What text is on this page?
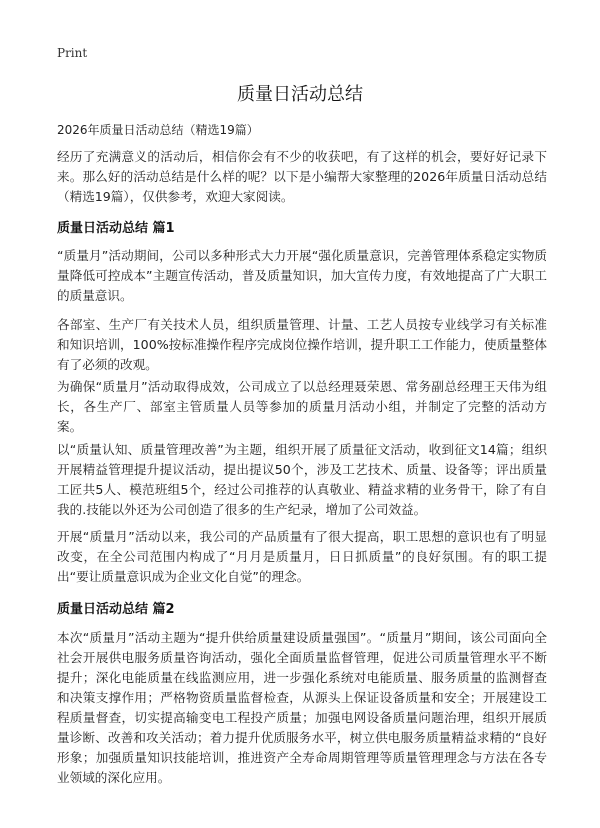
Print
质量日活动总结
2026年质量日活动总结（精选19篇）

经历了充满意义的活动后，相信你会有不少的收获吧，有了这样的机会，要好好记录下来。那么好的活动总结是什么样的呢？以下是小编帮大家整理的2026年质量日活动总结（精选19篇），仅供参考，欢迎大家阅读。

质量日活动总结 篇1

“质量月”活动期间，公司以多种形式大力开展“强化质量意识，完善管理体系稳定实物质量降低可控成本”主题宣传活动，普及质量知识，加大宣传力度，有效地提高了广大职工的质量意识。

各部室、生产厂有关技术人员，组织质量管理、计量、工艺人员按专业线学习有关标准和知识培训，100%按标准操作程序完成岗位操作培训，提升职工工作能力，使质量整体有了必须的改观。

为确保“质量月”活动取得成效，公司成立了以总经理聂荣恩、常务副总经理王天伟为组长，各生产厂、部室主管质量人员等参加的质量月活动小组，并制定了完整的活动方案。

以“质量认知、质量管理改善”为主题，组织开展了质量征文活动，收到征文14篇；组织开展精益管理提升提议活动，提出提议50个，涉及工艺技术、质量、设备等；评出质量工匠共5人、模范班组5个，经过公司推荐的认真敬业、精益求精的业务骨干，除了有自我的.技能以外还为公司创造了很多的生产纪录，增加了公司效益。

开展“质量月”活动以来，我公司的产品质量有了很大提高，职工思想的意识也有了明显改变，在全公司范围内构成了“月月是质量月，日日抓质量”的良好氛围。有的职工提出“要让质量意识成为企业文化自觉”的理念。

质量日活动总结 篇2

本次“质量月”活动主题为“提升供给质量建设质量强国”。“质量月”期间，该公司面向全社会开展供电服务质量咨询活动，强化全面质量监督管理，促进公司质量管理水平不断提升；深化电能质量在线监测应用，进一步强化系统对电能质量、服务质量的监测督查和决策支撑作用；严格物资质量监督检查，从源头上保证设备质量和安全；开展建设工程质量督查，切实提高输变电工程投产质量；加强电网设备质量问题治理，组织开展质量诊断、改善和攻关活动；着力提升优质服务水平，树立供电服务质量精益求精的“良好形象；加强质量知识技能培训，推进资产全寿命周期管理等质量管理理念与方法在各专业领域的深化应用。
